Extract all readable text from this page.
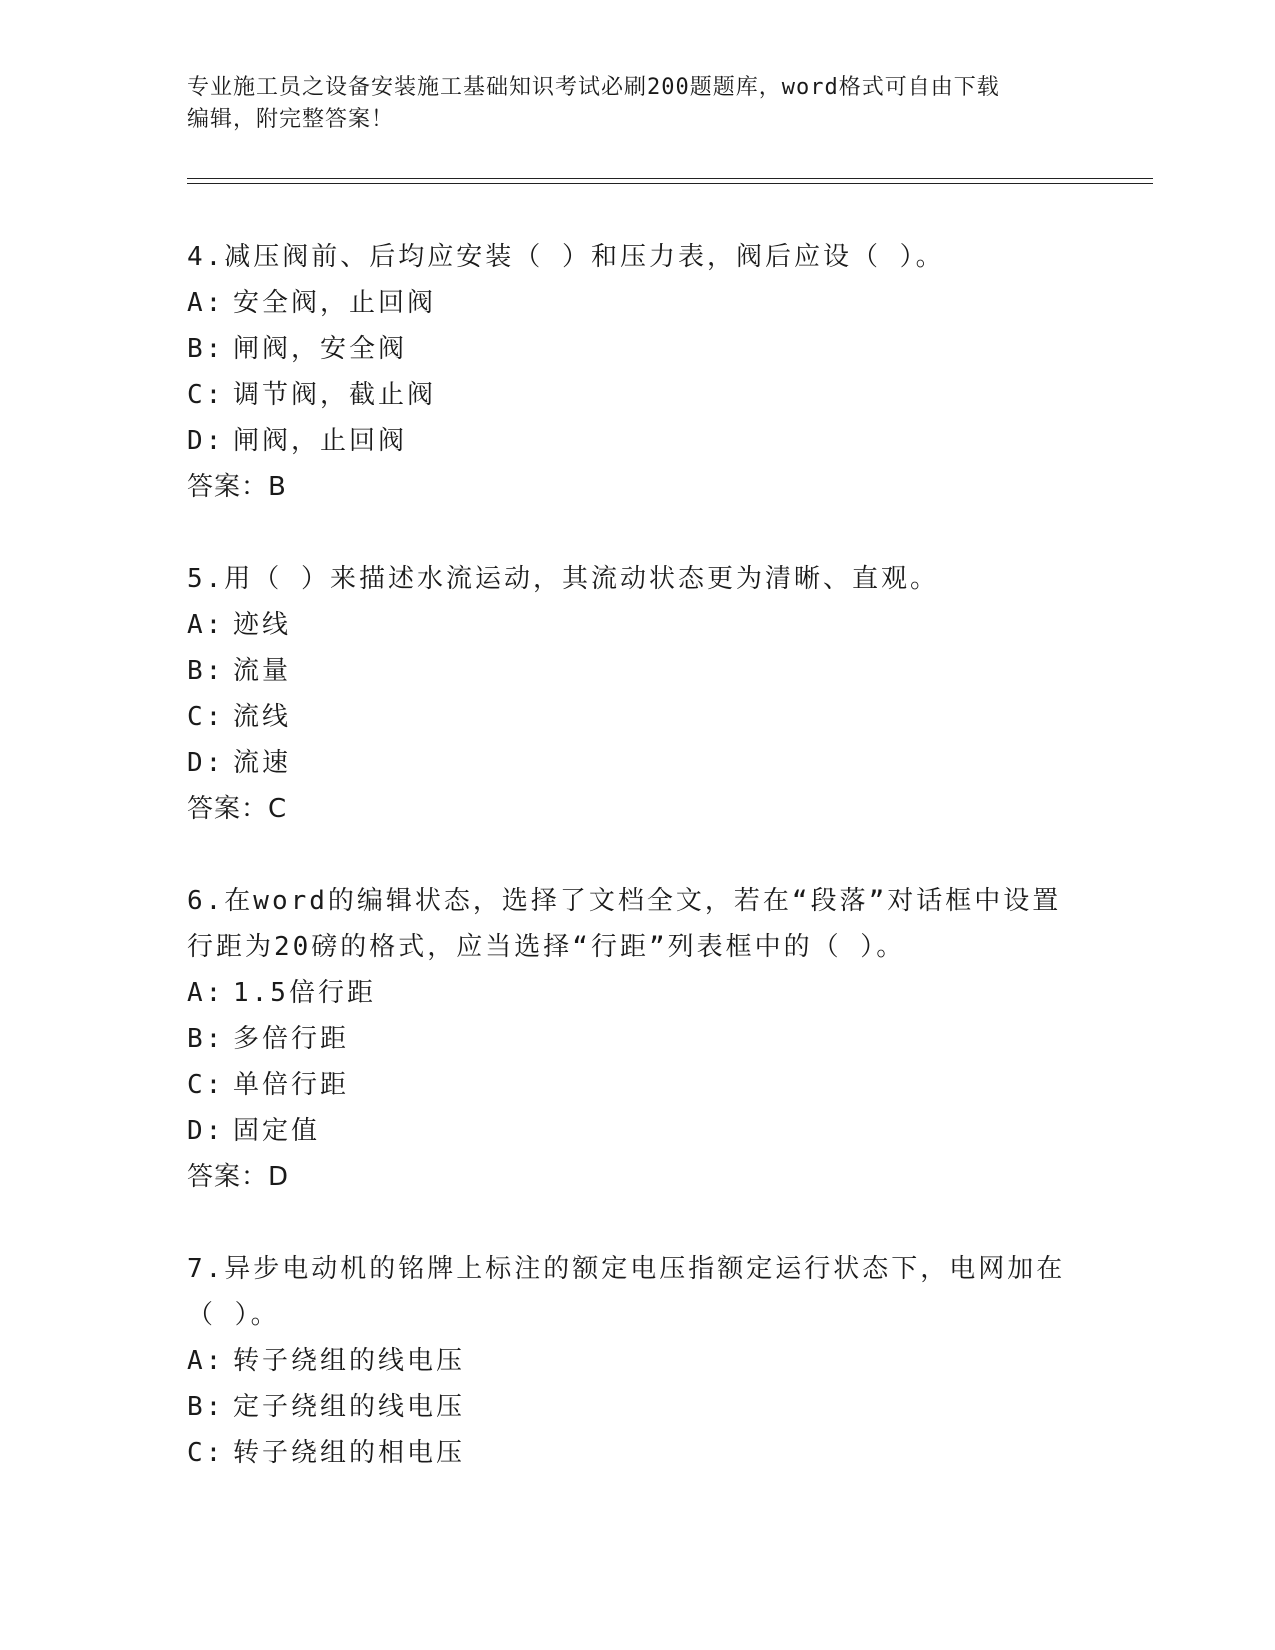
专业施工员之设备安装施工基础知识考试必刷200题题库，word格式可自由下载
编辑，附完整答案！
4.减压阀前、后均应安装（ ）和压力表，阀后应设（ ）。
A: 安全阀，止回阀
B: 闸阀，安全阀
C: 调节阀，截止阀
D: 闸阀，止回阀
答案：B
5.用（ ）来描述水流运动，其流动状态更为清晰、直观。
A: 迹线
B: 流量
C: 流线
D: 流速
答案：C
6.在word的编辑状态，选择了文档全文，若在“段落”对话框中设置
行距为20磅的格式，应当选择“行距”列表框中的（ ）。
A: 1.5倍行距
B: 多倍行距
C: 单倍行距
D: 固定值
答案：D
7.异步电动机的铭牌上标注的额定电压指额定运行状态下，电网加在
（ ）。
A: 转子绕组的线电压
B: 定子绕组的线电压
C: 转子绕组的相电压
